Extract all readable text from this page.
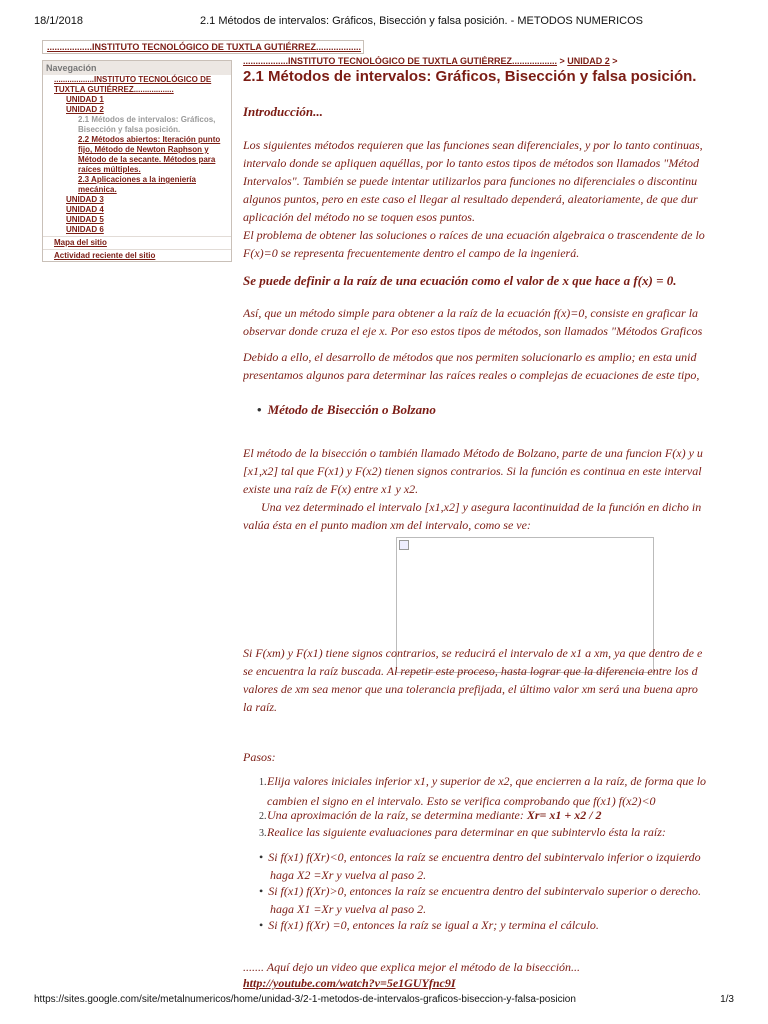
18/1/2018	2.1 Métodos de intervalos: Gráficos, Bisección y falsa posición. - METODOS NUMERICOS
..................INSTITUTO TECNOLÓGICO DE TUXTLA GUTIÉRREZ..................
Navegación
..................INSTITUTO TECNOLÓGICO DE TUXTLA GUTIÉRREZ..................
UNIDAD 1
UNIDAD 2
2.1 Métodos de intervalos: Gráficos, Bisección y falsa posición.
2.2 Métodos abiertos: Iteración punto fijo, Método de Newton Raphson y Método de la secante. Métodos para raíces múltiples.
2.3 Aplicaciones a la ingeniería mecánica.
UNIDAD 3
UNIDAD 4
UNIDAD 5
UNIDAD 6
Mapa del sitio
Actividad reciente del sitio
..................INSTITUTO TECNOLÓGICO DE TUXTLA GUTIÉRREZ.................. > UNIDAD 2 >
2.1 Métodos de intervalos: Gráficos, Bisección y falsa posición.
Introducción...
Los siguientes métodos requieren que las funciones sean diferenciales, y por lo tanto continuas,
intervalo donde se apliquen aquéllas, por lo tanto estos tipos de métodos son llamados "Métod
Intervalos". También se puede intentar utilizarlos para funciones no diferenciales o discontinu
algunos puntos, pero en este caso el llegar al resultado dependerá, aleatoriamente, de que dur
aplicación del método no se toquen esos puntos.
El problema de obtener las soluciones o raíces de una ecuación algebraica o trascendente de lo
F(x)=0 se representa frecuentemente dentro el campo de la ingenierá.
Se puede definir a la raíz de una ecuación como el valor de x que hace a f(x) = 0.
Así, que un método simple para obtener a la raíz de la ecuación f(x)=0, consiste en graficar la
observar donde cruza el eje x. Por eso estos tipos de métodos, son llamados "Métodos Graficos
Debido a ello, el desarrollo de métodos que nos permiten solucionarlo es amplio; en esta unid
presentamos algunos para determinar las raíces reales o complejas de ecuaciones de este tipo,
• Método de Bisección o Bolzano
El método de la bisección o también llamado Método de Bolzano, parte de una funcion F(x) y u
[x1,x2] tal que F(x1) y F(x2) tienen signos contrarios. Si la función es continua en este interval
existe una raíz de F(x) entre x1 y x2.
Una vez determinado el intervalo [x1,x2] y asegura lacontinuidad de la función en dicho in
valúa ésta en el punto madion xm del intervalo, como se ve:
Si F(xm) y F(x1) tiene signos contrarios, se reducirá el intervalo de x1 a xm, ya que dentro de e
se encuentra la raíz buscada. Al repetir este proceso, hasta lograr que la diferencia entre los d
valores de xm sea menor que una tolerancia prefijada, el último valor xm será una buena apro
la raíz.
Pasos:
1.Elija valores iniciales inferior x1, y superior de x2, que encierren a la raíz, de forma que lo
cambien el signo en el intervalo. Esto se verifica comprobando que f(x1) f(x2)<0
2.Una aproximación de la raíz, se determina mediante: Xr= x1 + x2 / 2
3.Realice las siguiente evaluaciones para determinar en que subintervlo ésta la raíz:
• Si f(x1) f(Xr)<0, entonces la raíz se encuentra dentro del subintervalo inferior o izquierdo
haga X2 =Xr y vuelva al paso 2.
• Si f(x1) f(Xr)>0, entonces la raíz se encuentra dentro del subintervalo superior o derecho.
haga X1 =Xr y vuelva al paso 2.
• Si f(x1) f(Xr) =0, entonces la raíz se igual a Xr; y termina el cálculo.
....... Aquí dejo un video que explica mejor el método de la bisección...
http://youtube.com/watch?v=5e1GUYfnc9I
https://sites.google.com/site/metalnumericos/home/unidad-3/2-1-metodos-de-intervalos-graficos-biseccion-y-falsa-posicion	1/3
